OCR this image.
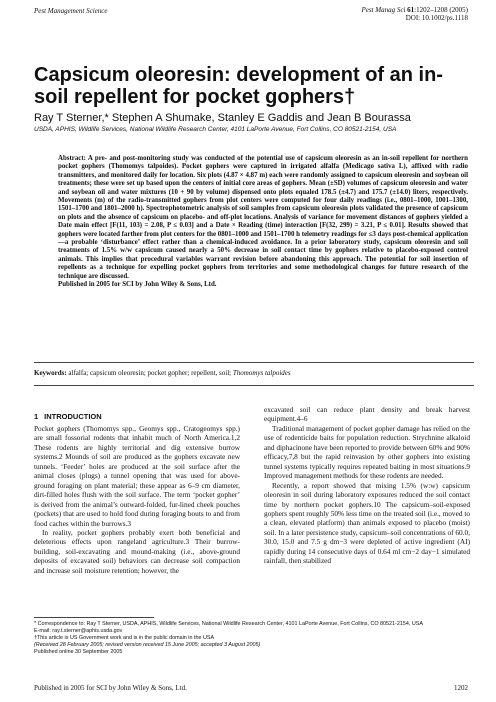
Pest Management Science	Pest Manag Sci 61:1202–1208 (2005)
DOI: 10.1002/ps.1118
Capsicum oleoresin: development of an in-soil repellent for pocket gophers†
Ray T Sterner,* Stephen A Shumake, Stanley E Gaddis and Jean B Bourassa
USDA, APHIS, Wildlife Services, National Wildlife Research Center, 4101 LaPorte Avenue, Fort Collins, CO 80521-2154, USA

Abstract: A pre- and post-monitoring study was conducted of the potential use of capsicum oleoresin as an in-soil repellent for northern pocket gophers (Thomomys talpoides). Pocket gophers were captured in irrigated alfalfa (Medicago sativa L), affixed with radio transmitters, and monitored daily for location. Six plots (4.87 × 4.87 m) each were randomly assigned to capsicum oleoresin and soybean oil treatments; these were set up based upon the centers of initial core areas of gophers. Mean (±SD) volumes of capsicum oleoresin and water and soybean oil and water mixtures (10 + 90 by volume) dispensed onto plots equaled 178.5 (±4.7) and 175.7 (±14.0) liters, respectively. Movements (m) of the radio-transmitted gophers from plot centers were computed for four daily readings (i.e., 0801–1000, 1001–1300, 1501–1700 and 1801–2000 h). Spectrophotometric analysis of soil samples from capsicum oleoresin plots validated the presence of capsicum on plots and the absence of capsicum on placebo- and off-plot locations. Analysis of variance for movement distances of gophers yielded a Date main effect [F(11, 103) = 2.08, P ≤ 0.03] and a Date × Reading (time) interaction [F(32, 299) = 3.21, P ≤ 0.01]. Results showed that gophers were located farther from plot centers for the 0801–1000 and 1501–1700 h telemetry readings for ≤3 days post-chemical application—a probable ‘disturbance’ effect rather than a chemical-induced avoidance. In a prior laboratory study, capsicum oleoresin and soil treatments of 1.5% w/w capsicum caused nearly a 50% decrease in soil contact time by gophers relative to placebo-exposed control animals. This implies that procedural variables warrant revision before abandoning this approach. The potential for soil insertion of repellents as a technique for expelling pocket gophers from territories and some methodological changes for future research of the technique are discussed.

Published in 2005 for SCI by John Wiley & Sons, Ltd.

Keywords: alfalfa; capsicum oleoresin; pocket gopher; repellent, soil; Thomomys talpoides
1 INTRODUCTION

Pocket gophers (Thomomys spp., Geomys spp., Cratogeomys spp.) are small fossorial rodents that inhabit much of North America.1,2 These rodents are highly territorial and dig extensive burrow systems.2 Mounds of soil are produced as the gophers excavate new tunnels. ‘Feeder’ holes are produced at the soil surface after the animal closes (plugs) a tunnel opening that was used for above-ground foraging on plant material; these appear as 6–9 cm diameter, dirt-filled holes flush with the soil surface. The term ‘pocket gopher’ is derived from the animal’s outward-folded, fur-lined cheek pouches (pockets) that are used to hold food during foraging bouts to and from food caches within the burrows.3

In reality, pocket gophers probably exert both beneficial and deleterious effects upon rangeland agriculture.3 Their burrow-building, soil-excavating and mound-making (i.e., above-ground deposits of excavated soil) behaviors can decrease soil compaction and increase soil moisture retention; however, the

excavated soil can reduce plant density and break harvest equipment.4–6

Traditional management of pocket gopher damage has relied on the use of rodenticide baits for population reduction. Strychnine alkaloid and diphacinone have been reported to provide between 60% and 90% efficacy,7,8 but the rapid reinvasion by other gophers into existing tunnel systems typically requires repeated baiting in most situations.9 Improved management methods for these rodents are needed.

Recently, a report showed that mixing 1.5% (w:w) capsicum oleoresin in soil during laboratory exposures reduced the soil contact time by northern pocket gophers.10 The capsicum–soil-exposed gophers spent roughly 50% less time on the treated soil (i.e., moved to a clean, elevated platform) than animals exposed to placebo (moist) soil. In a later persistence study, capsicum–soil concentrations of 60.0, 30.0, 15.0 and 7.5 g dm−3 were depleted of active ingredient (AI) rapidly during 14 consecutive days of 0.64 ml cm−2 day−1 simulated rainfall, then stabilized

* Correspondence to: Ray T Sterner, USDA, APHIS, Wildlife Services, National Wildlife Research Center, 4101 LaPorte Avenue, Fort Collins, CO 80521-2154, USA
E-mail: ray.t.sterner@aphis.usda.gov
†This article is US Government work and is in the public domain in the USA
(Received 28 February 2005; revised version received 15 June 2005; accepted 3 August 2005)
Published online 30 September 2005
Published in 2005 for SCI by John Wiley & Sons, Ltd.	1202
